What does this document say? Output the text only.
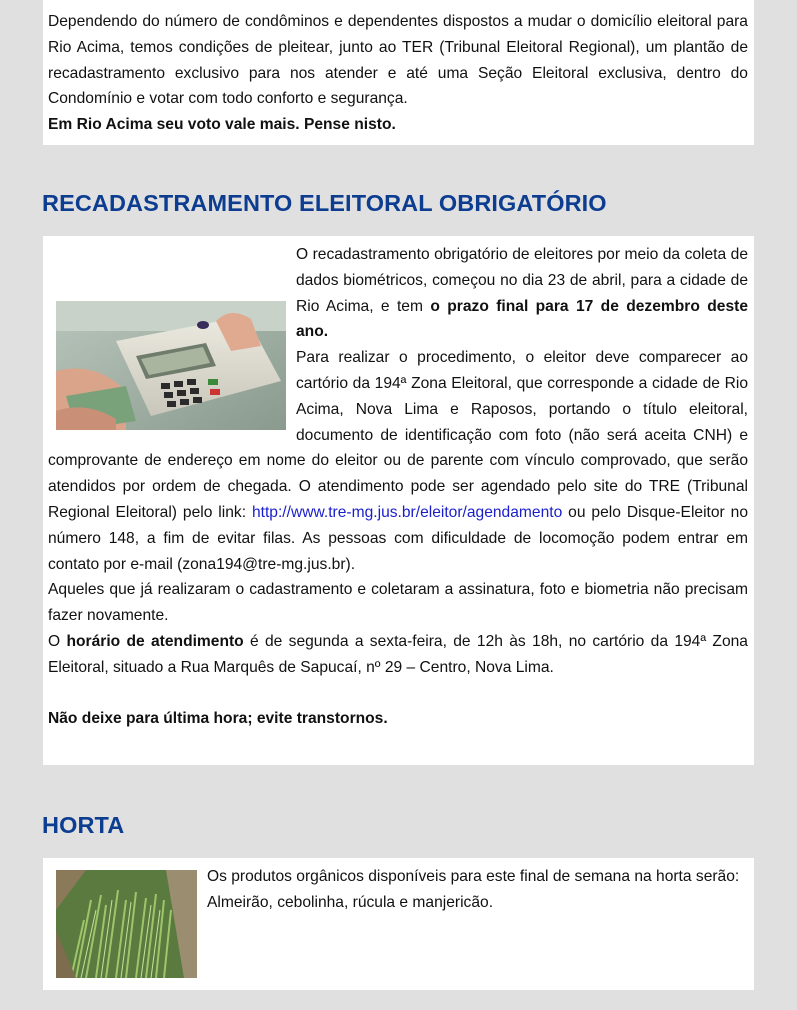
Dependendo do número de condôminos e dependentes dispostos a mudar o domicílio eleitoral para Rio Acima, temos condições de pleitear, junto ao TER (Tribunal Eleitoral Regional), um plantão de recadastramento exclusivo para nos atender e até uma Seção Eleitoral exclusiva, dentro do Condomínio e votar com todo conforto e segurança.
Em Rio Acima seu voto vale mais. Pense nisto.
RECADASTRAMENTO ELEITORAL OBRIGATÓRIO
O recadastramento obrigatório de eleitores por meio da coleta de dados biométricos, começou no dia 23 de abril, para a cidade de Rio Acima, e tem o prazo final para 17 de dezembro deste ano.
Para realizar o procedimento, o eleitor deve comparecer ao cartório da 194ª Zona Eleitoral, que corresponde a cidade de Rio Acima, Nova Lima e Raposos, portando o título eleitoral, documento de identificação com foto (não será aceita CNH) e comprovante de endereço em nome do eleitor ou de parente com vínculo comprovado, que serão atendidos por ordem de chegada. O atendimento pode ser agendado pelo site do TRE (Tribunal Regional Eleitoral) pelo link: http://www.tre-mg.jus.br/eleitor/agendamento ou pelo Disque-Eleitor no número 148, a fim de evitar filas. As pessoas com dificuldade de locomoção podem entrar em contato por e-mail (zona194@tre-mg.jus.br).
Aqueles que já realizaram o cadastramento e coletaram a assinatura, foto e biometria não precisam fazer novamente.
O horário de atendimento é de segunda a sexta-feira, de 12h às 18h, no cartório da 194ª Zona Eleitoral, situado a Rua Marquês de Sapucaí, nº 29 – Centro, Nova Lima.

Não deixe para última hora; evite transtornos.
HORTA
Os produtos orgânicos disponíveis para este final de semana na horta serão:
Almeirão, cebolinha, rúcula e manjericão.
